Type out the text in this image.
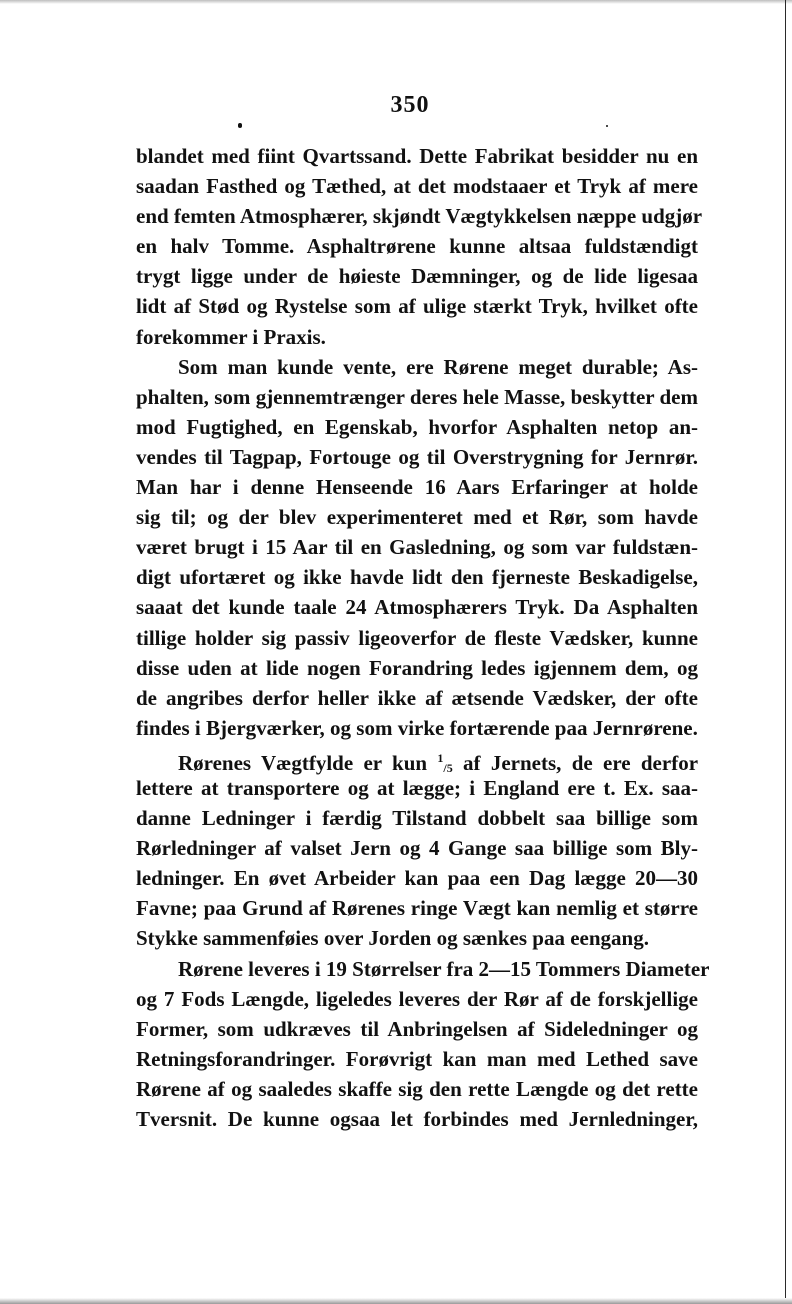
350
blandet med fiint Qvartssand. Dette Fabrikat besidder nu en
saadan Fasthed og Tæthed, at det modstaaer et Tryk af mere
end femten Atmosphærer, skjøndt Vægtykkelsen næppe udgjør
en halv Tomme. Asphaltrørene kunne altsaa fuldstændigt
trygt ligge under de høieste Dæmninger, og de lide ligesaa
lidt af Stød og Rystelse som af ulige stærkt Tryk, hvilket ofte
forekommer i Praxis.
Som man kunde vente, ere Rørene meget durable; As-
phalten, som gjennemtrænger deres hele Masse, beskytter dem
mod Fugtighed, en Egenskab, hvorfor Asphalten netop an-
vendes til Tagpap, Fortouge og til Overstrygning for Jernrør.
Man har i denne Henseende 16 Aars Erfaringer at holde
sig til; og der blev experimenteret med et Rør, som havde
været brugt i 15 Aar til en Gasledning, og som var fuldstæn-
digt ufortæret og ikke havde lidt den fjerneste Beskadigelse,
saaat det kunde taale 24 Atmosphærers Tryk. Da Asphalten
tillige holder sig passiv ligeoverfor de fleste Vædsker, kunne
disse uden at lide nogen Forandring ledes igjennem dem, og
de angribes derfor heller ikke af ætsende Vædsker, der ofte
findes i Bjergværker, og som virke fortærende paa Jernrørene.
Rørenes Vægtfylde er kun $^1_{/5}$ af Jernets, de ere derfor
lettere at transportere og at lægge; i England ere t. Ex. saa-
danne Ledninger i færdig Tilstand dobbelt saa billige som
Rørledninger af valset Jern og 4 Gange saa billige som Bly-
ledninger. En øvet Arbeider kan paa een Dag lægge 20—30
Favne; paa Grund af Rørenes ringe Vægt kan nemlig et større
Stykke sammenføies over Jorden og sænkes paa eengang.
Rørene leveres i 19 Størrelser fra 2—15 Tommers Diameter
og 7 Fods Længde, ligeledes leveres der Rør af de forskjellige
Former, som udkræves til Anbringelsen af Sideledninger og
Retningsforandringer. Forøvrigt kan man med Lethed save
Rørene af og saaledes skaffe sig den rette Længde og det rette
Tversnit. De kunne ogsaa let forbindes med Jernledninger,
